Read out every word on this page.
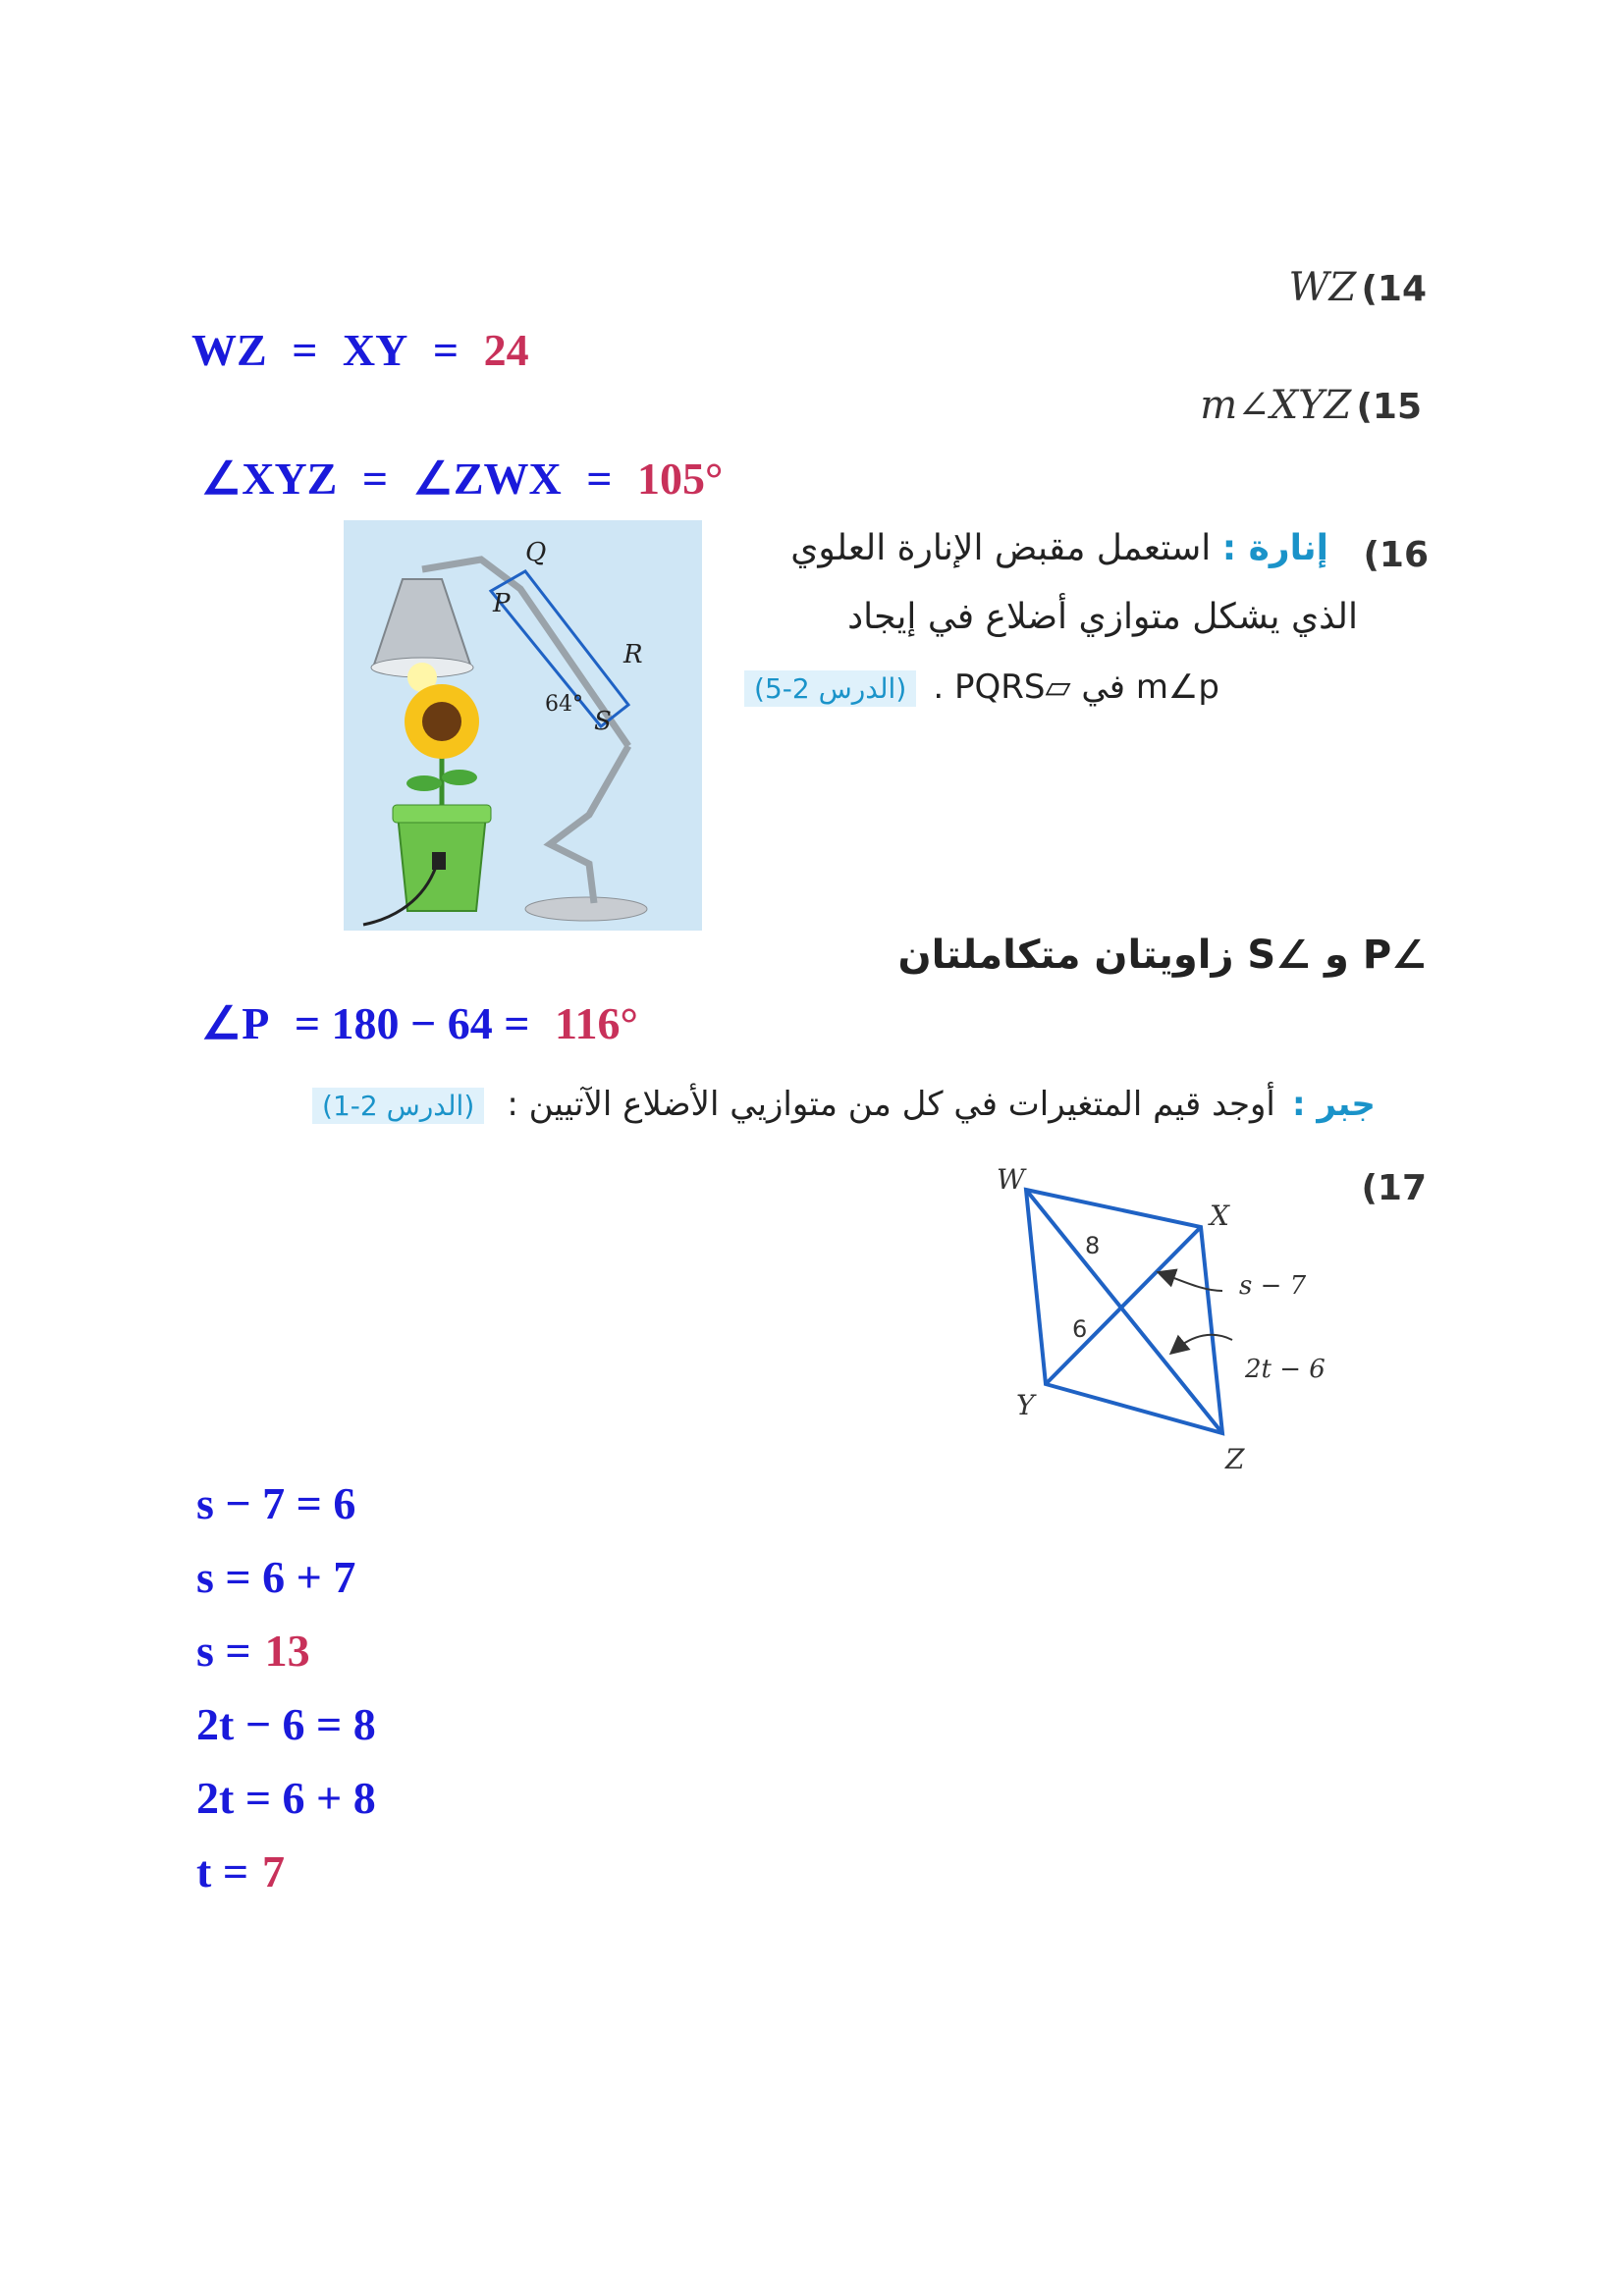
WZ (14
WZ = XY = 24
m∠XYZ (15
∠XYZ = ∠ZWX = 105°
Q
P
R
S
64°
(16
إنارة : استعمل مقبض الإنارة العلوي
الذي يشكل متوازي أضلاع في إيجاد
(الدرس 2-5) m∠p في ▱PQRS .
∠P و ∠S زاويتان متكاملتان
∠P = 180 − 64 = 116°
(الدرس 2-1) أوجد قيم المتغيرات في كل من متوازيي الأضلاع الآتيين : جبر :
(17
W
X
Y
Z
8
6
s − 7
2t − 6
s − 7 = 6
s = 6 + 7
s = 13
2t − 6 = 8
2t = 6 + 8
t = 7
